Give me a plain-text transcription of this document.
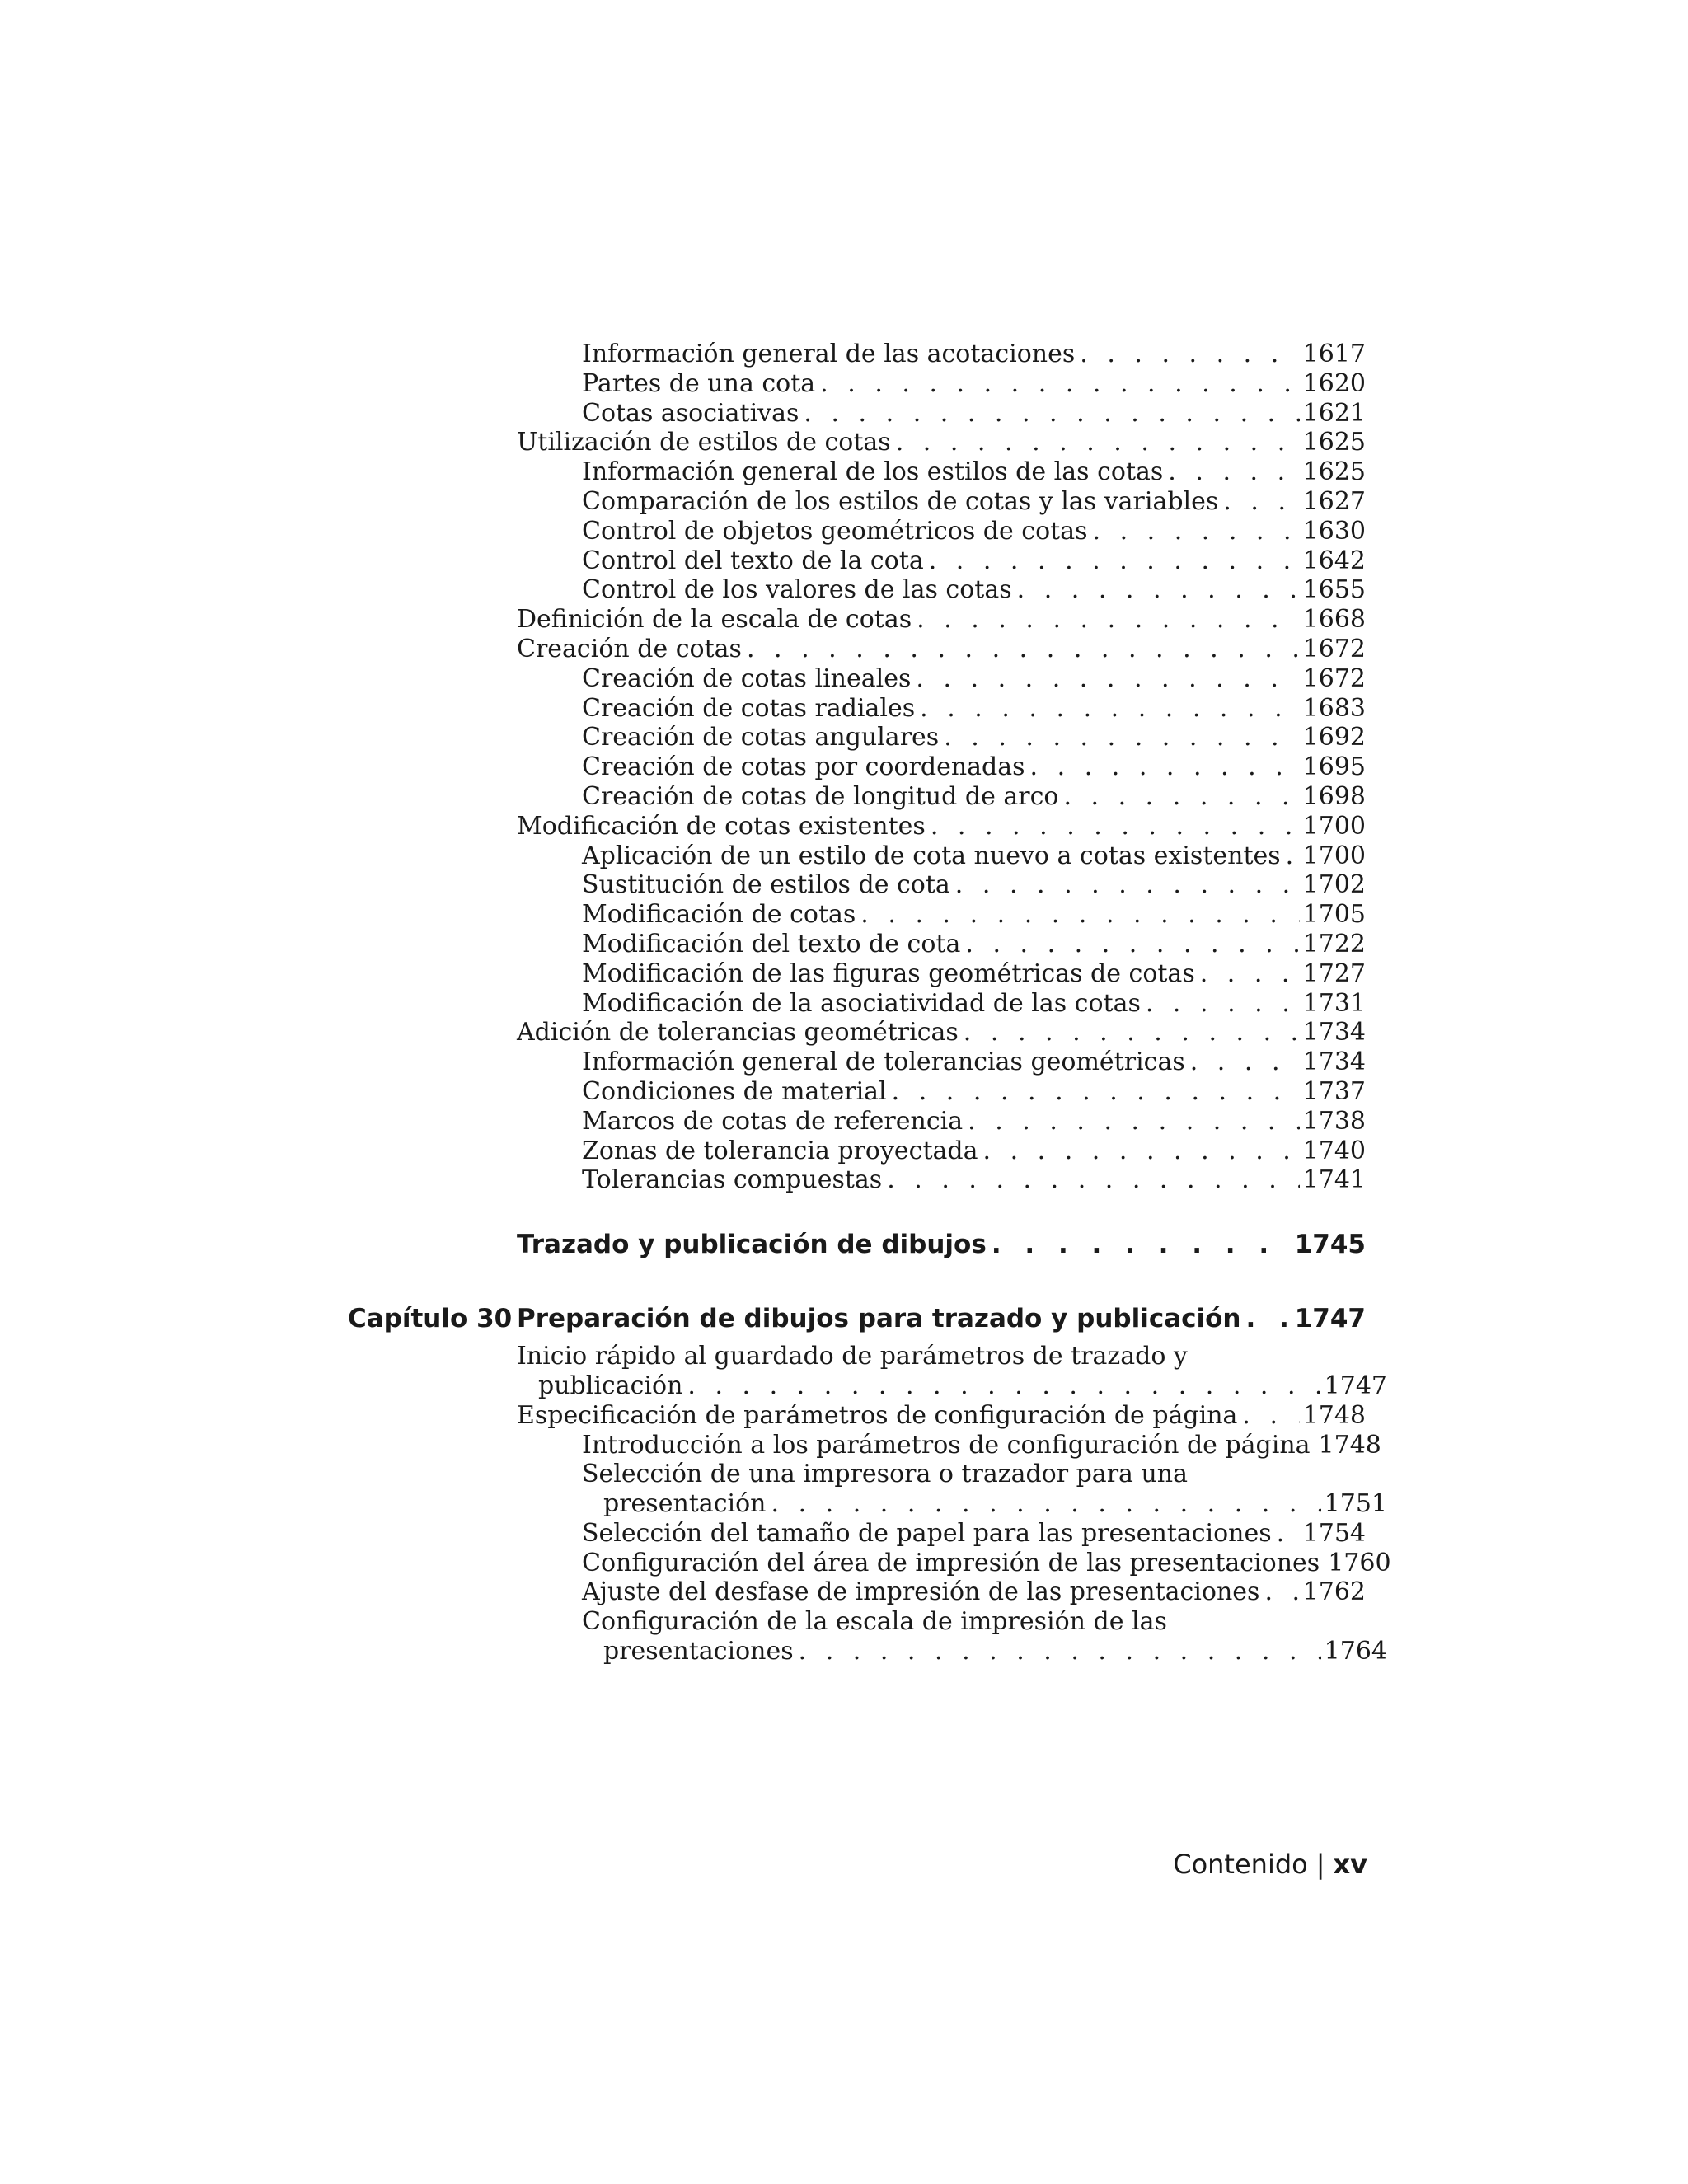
Información general de las acotaciones . . .	1617
Partes de una cota . . .	1620
Cotas asociativas . . .	1621
Utilización de estilos de cotas . . .	1625
Información general de los estilos de las cotas . . .	1625
Comparación de los estilos de cotas y las variables . . .	1627
Control de objetos geométricos de cotas . . .	1630
Control del texto de la cota . . .	1642
Control de los valores de las cotas . . .	1655
Definición de la escala de cotas . . .	1668
Creación de cotas . . .	1672
Creación de cotas lineales . . .	1672
Creación de cotas radiales . . .	1683
Creación de cotas angulares . . .	1692
Creación de cotas por coordenadas . . .	1695
Creación de cotas de longitud de arco . . .	1698
Modificación de cotas existentes . . .	1700
Aplicación de un estilo de cota nuevo a cotas existentes . . . 1700
Sustitución de estilos de cota . . .	1702
Modificación de cotas . . .	1705
Modificación del texto de cota . . .	1722
Modificación de las figuras geométricas de cotas . . .	1727
Modificación de la asociatividad de las cotas . . .	1731
Adición de tolerancias geométricas . . .	1734
Información general de tolerancias geométricas . . .	1734
Condiciones de material . . .	1737
Marcos de cotas de referencia . . .	1738
Zonas de tolerancia proyectada . . .	1740
Tolerancias compuestas . . .	1741
Trazado y publicación de dibujos . . .	1745
Capítulo 30 Preparación de dibujos para trazado y publicación . . . 1747
Inicio rápido al guardado de parámetros de trazado y
publicación . . .	1747
Especificación de parámetros de configuración de página . . .	1748
Introducción a los parámetros de configuración de página . . . 1748
Selección de una impresora o trazador para una
presentación . . .	1751
Selección del tamaño de papel para las presentaciones . . . 1754
Configuración del área de impresión de las presentaciones . . . 1760
Ajuste del desfase de impresión de las presentaciones . . . 1762
Configuración de la escala de impresión de las
presentaciones . . .	1764
Contenido | xv
